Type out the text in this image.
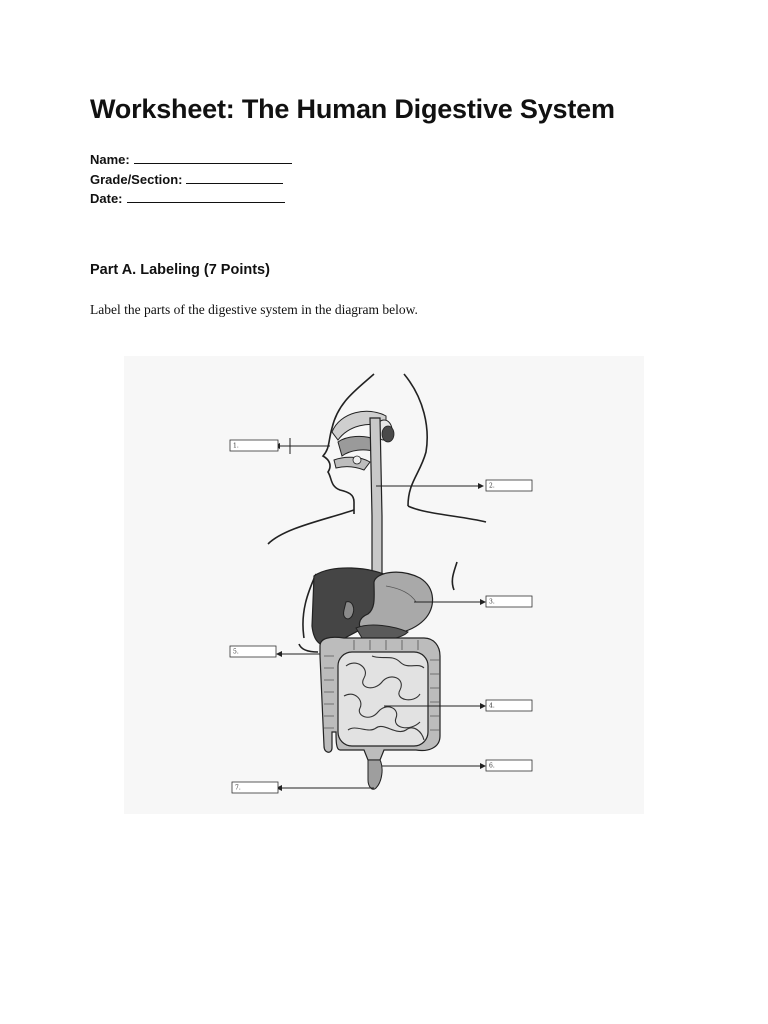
Worksheet: The Human Digestive System
Name:
Grade/Section:
Date:
Part A. Labeling (7 Points)

Label the parts of the digestive system in the diagram below.

1.
2.
3.
4.
5.
6.
7.
